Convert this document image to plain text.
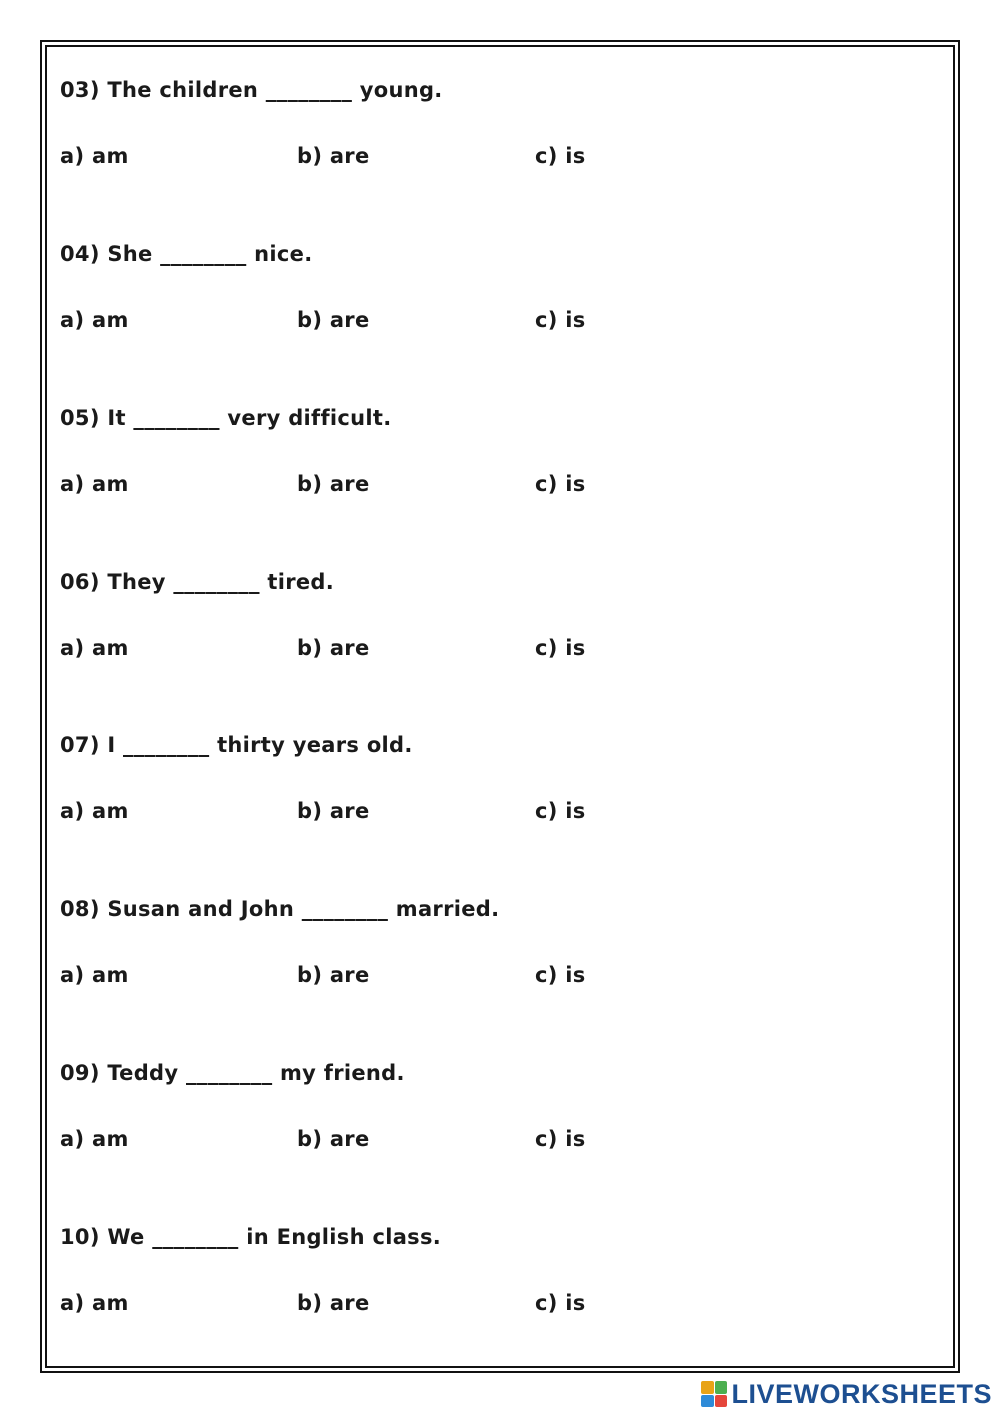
03) The children ________ young.
a) am	b) are	c) is
04) She ________ nice.
a) am	b) are	c) is
05) It ________ very difficult.
a) am	b) are	c) is
06) They ________ tired.
a) am	b) are	c) is
07) I ________ thirty years old.
a) am	b) are	c) is
08) Susan and John ________ married.
a) am	b) are	c) is
09) Teddy ________ my friend.
a) am	b) are	c) is
10) We ________ in English class.
a) am	b) are	c) is
LIVEWORKSHEETS
